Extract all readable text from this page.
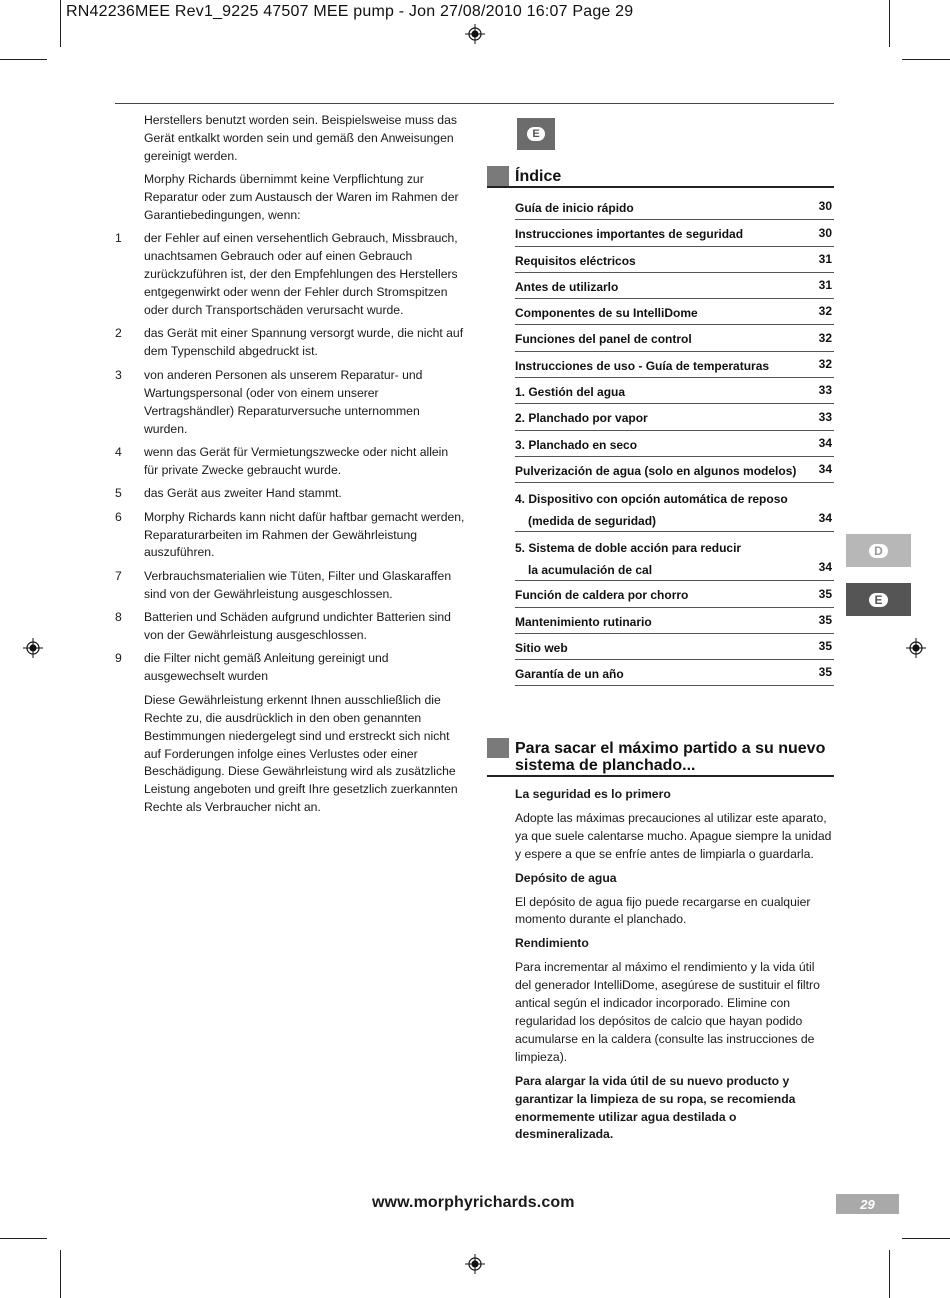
RN42236MEE Rev1_9225 47507 MEE pump - Jon 27/08/2010 16:07 Page 29
Herstellers benutzt worden sein. Beispielsweise muss das Gerät entkalkt worden sein und gemäß den Anweisungen gereinigt werden.
Morphy Richards übernimmt keine Verpflichtung zur Reparatur oder zum Austausch der Waren im Rahmen der Garantiebedingungen, wenn:
1 der Fehler auf einen versehentlich Gebrauch, Missbrauch, unachtsamen Gebrauch oder auf einen Gebrauch zurückzuführen ist, der den Empfehlungen des Herstellers entgegenwirkt oder wenn der Fehler durch Stromspitzen oder durch Transportschäden verursacht wurde.
2 das Gerät mit einer Spannung versorgt wurde, die nicht auf dem Typenschild abgedruckt ist.
3 von anderen Personen als unserem Reparatur- und Wartungspersonal (oder von einem unserer Vertragshändler) Reparaturversuche unternommen wurden.
4 wenn das Gerät für Vermietungszwecke oder nicht allein für private Zwecke gebraucht wurde.
5 das Gerät aus zweiter Hand stammt.
6 Morphy Richards kann nicht dafür haftbar gemacht werden, Reparaturarbeiten im Rahmen der Gewährleistung auszuführen.
7 Verbrauchsmaterialien wie Tüten, Filter und Glaskaraffen sind von der Gewährleistung ausgeschlossen.
8 Batterien und Schäden aufgrund undichter Batterien sind von der Gewährleistung ausgeschlossen.
9 die Filter nicht gemäß Anleitung gereinigt und ausgewechselt wurden
Diese Gewährleistung erkennt Ihnen ausschließlich die Rechte zu, die ausdrücklich in den oben genannten Bestimmungen niedergelegt sind und erstreckt sich nicht auf Forderungen infolge eines Verlustes oder einer Beschädigung. Diese Gewährleistung wird als zusätzliche Leistung angeboten und greift Ihre gesetzlich zuerkannten Rechte als Verbraucher nicht an.
E
Índice
Guía de inicio rápido	30
Instrucciones importantes de seguridad	30
Requisitos eléctricos	31
Antes de utilizarlo	31
Componentes de su IntelliDome	32
Funciones del panel de control	32
Instrucciones de uso - Guía de temperaturas	32
1. Gestión del agua	33
2. Planchado por vapor	33
3. Planchado en seco	34
Pulverización de agua (solo en algunos modelos) 34
4. Dispositivo con opción automática de reposo
(medida de seguridad)	34
5. Sistema de doble acción para reducir
la acumulación de cal	34
Función de caldera por chorro	35
Mantenimiento rutinario	35
Sitio web	35
Garantía de un año	35
Para sacar el máximo partido a su nuevo
sistema de planchado...
La seguridad es lo primero
Adopte las máximas precauciones al utilizar este aparato, ya que suele calentarse mucho. Apague siempre la unidad y espere a que se enfríe antes de limpiarla o guardarla.
Depósito de agua
El depósito de agua fijo puede recargarse en cualquier momento durante el planchado.
Rendimiento
Para incrementar al máximo el rendimiento y la vida útil del generador IntelliDome, asegúrese de sustituir el filtro antical según el indicador incorporado. Elimine con regularidad los depósitos de calcio que hayan podido acumularse en la caldera (consulte las instrucciones de limpieza).
Para alargar la vida útil de su nuevo producto y garantizar la limpieza de su ropa, se recomienda enormemente utilizar agua destilada o desmineralizada.
D
E
www.morphyrichards.com	29
